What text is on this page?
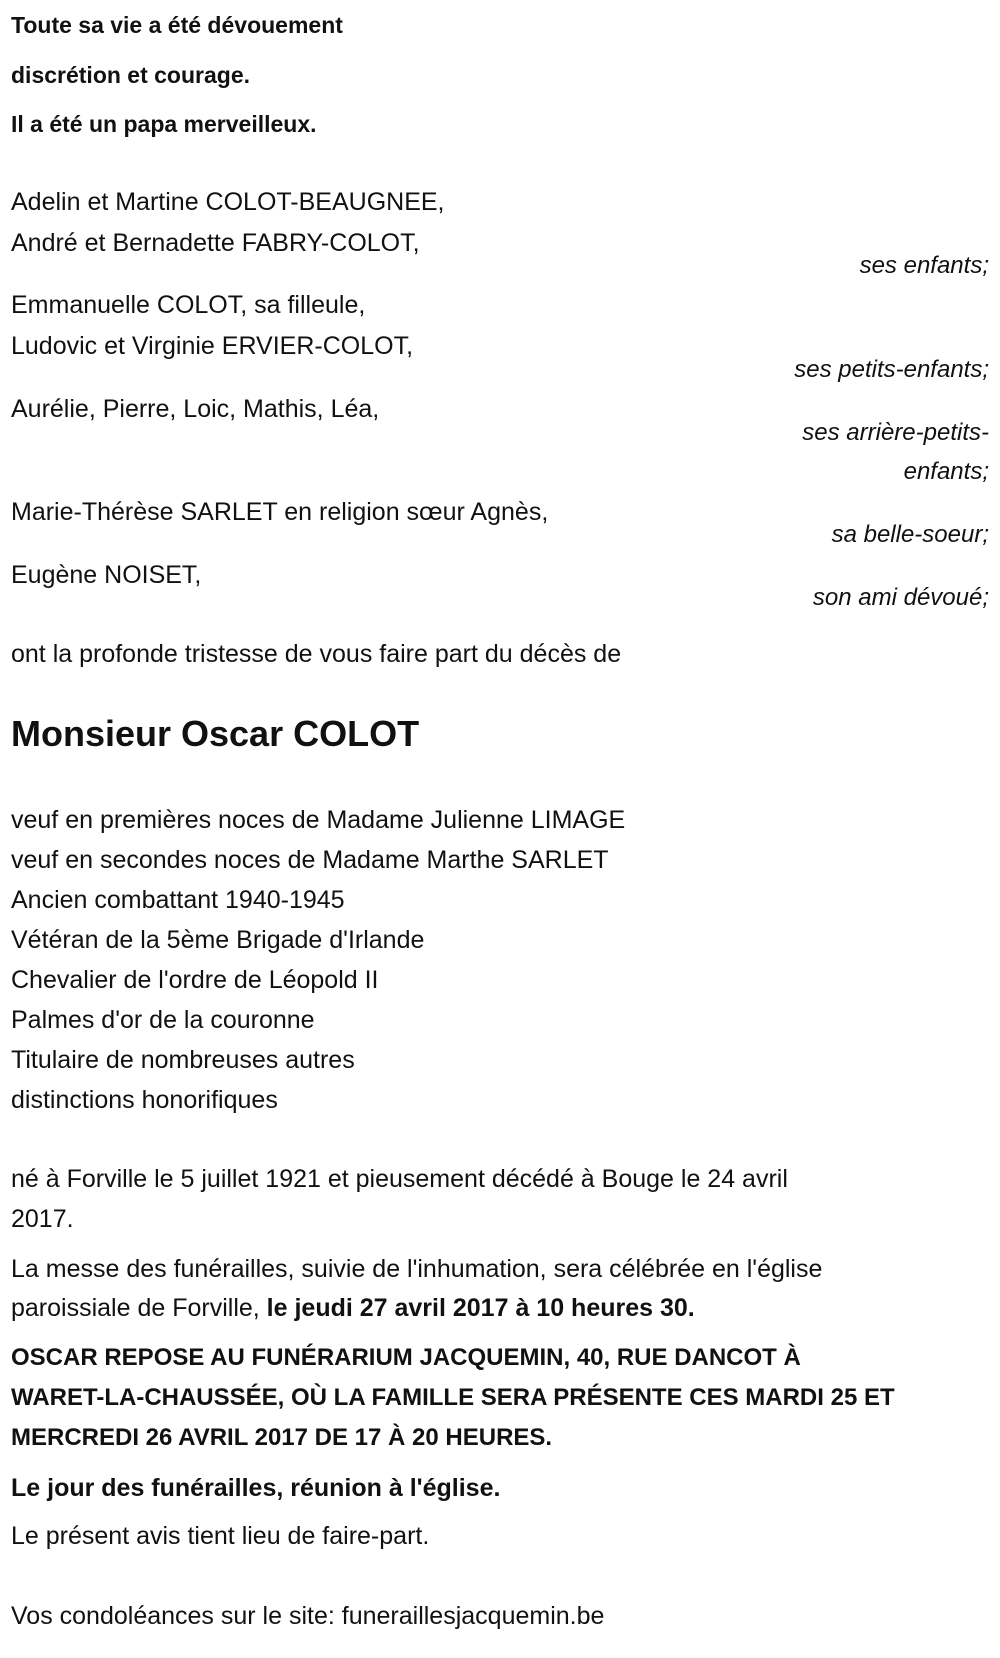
Toute sa vie a été dévouement
discrétion et courage.
Il a été un papa merveilleux.
Adelin et Martine COLOT-BEAUGNEE,
André et Bernadette FABRY-COLOT,
ses enfants;
Emmanuelle COLOT, sa filleule,
Ludovic et Virginie ERVIER-COLOT,
ses petits-enfants;
Aurélie, Pierre, Loic, Mathis, Léa,
ses arrière-petits-
enfants;
Marie-Thérèse SARLET en religion sœur Agnès,
sa belle-soeur;
Eugène NOISET,
son ami dévoué;
ont la profonde tristesse de vous faire part du décès de
Monsieur Oscar COLOT
veuf en premières noces de Madame Julienne LIMAGE
veuf en secondes noces de Madame Marthe SARLET
Ancien combattant 1940-1945
Vétéran de la 5ème Brigade d'Irlande
Chevalier de l'ordre de Léopold II
Palmes d'or de la couronne
Titulaire de nombreuses autres
distinctions honorifiques
né à Forville le 5 juillet 1921 et pieusement décédé à Bouge le 24 avril
2017.
La messe des funérailles, suivie de l'inhumation, sera célébrée en l'église
paroissiale de Forville, le jeudi 27 avril 2017 à 10 heures 30.
OSCAR REPOSE AU FUNÉRARIUM JACQUEMIN, 40, RUE DANCOT À
WARET-LA-CHAUSSÉE, OÙ LA FAMILLE SERA PRÉSENTE CES MARDI 25 ET
MERCREDI 26 AVRIL 2017 DE 17 À 20 HEURES.
Le jour des funérailles, réunion à l'église.
Le présent avis tient lieu de faire-part.
Vos condoléances sur le site: funeraillesjacquemin.be
